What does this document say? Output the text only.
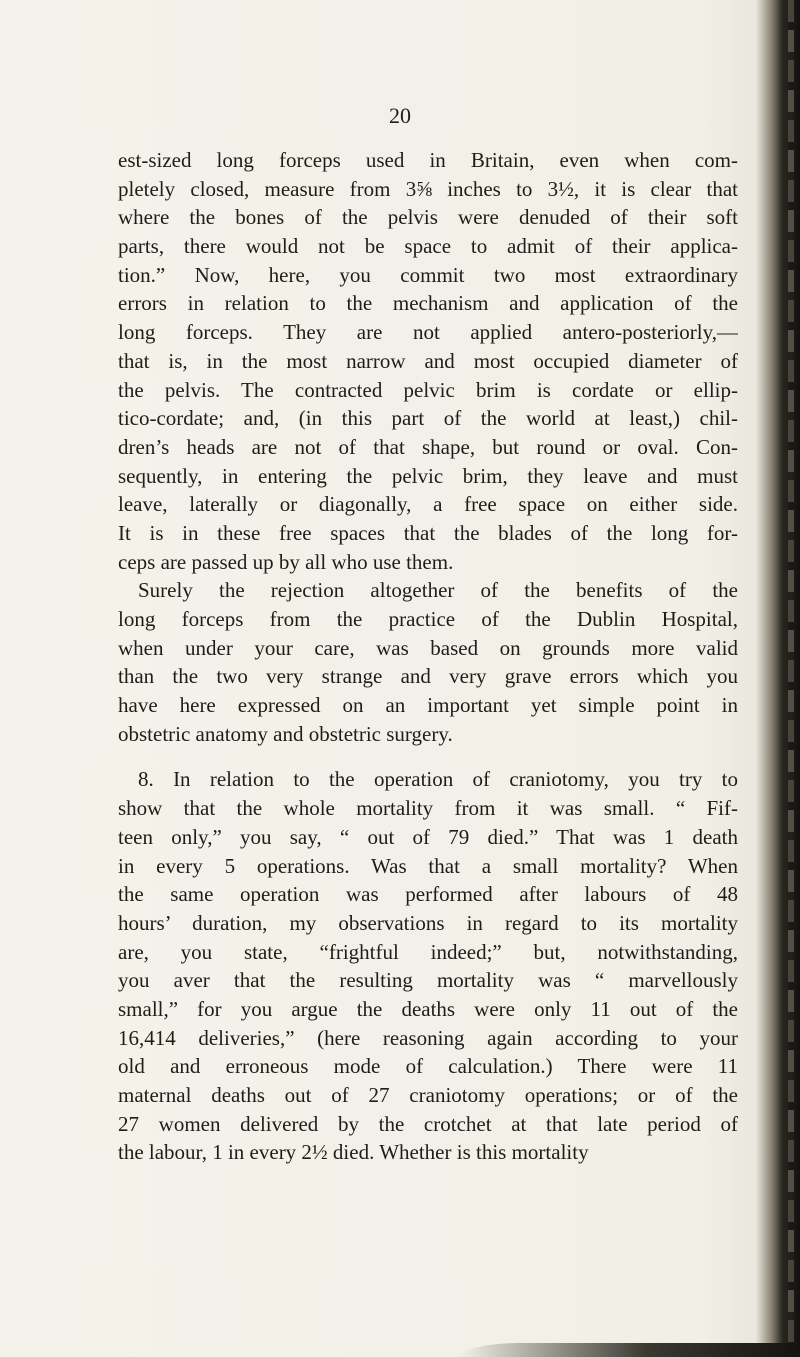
20
est-sized long forceps used in Britain, even when com-
pletely closed, measure from 3⅝ inches to 3½, it is clear that
where the bones of the pelvis were denuded of their soft
parts, there would not be space to admit of their applica-
tion.” Now, here, you commit two most extraordinary
errors in relation to the mechanism and application of the
long forceps. They are not applied antero-posteriorly,—
that is, in the most narrow and most occupied diameter of
the pelvis. The contracted pelvic brim is cordate or ellip-
tico-cordate; and, (in this part of the world at least,) chil-
dren’s heads are not of that shape, but round or oval. Con-
sequently, in entering the pelvic brim, they leave and must
leave, laterally or diagonally, a free space on either side.
It is in these free spaces that the blades of the long for-
ceps are passed up by all who use them.
Surely the rejection altogether of the benefits of the
long forceps from the practice of the Dublin Hospital,
when under your care, was based on grounds more valid
than the two very strange and very grave errors which you
have here expressed on an important yet simple point in
obstetric anatomy and obstetric surgery.
8. In relation to the operation of craniotomy, you try to
show that the whole mortality from it was small. “ Fif-
teen only,” you say, “ out of 79 died.” That was 1 death
in every 5 operations. Was that a small mortality? When
the same operation was performed after labours of 48
hours’ duration, my observations in regard to its mortality
are, you state, “frightful indeed;” but, notwithstanding,
you aver that the resulting mortality was “ marvellously
small,” for you argue the deaths were only 11 out of the
16,414 deliveries,” (here reasoning again according to your
old and erroneous mode of calculation.) There were 11
maternal deaths out of 27 craniotomy operations; or of the
27 women delivered by the crotchet at that late period of
the labour, 1 in every 2½ died. Whether is this mortality
